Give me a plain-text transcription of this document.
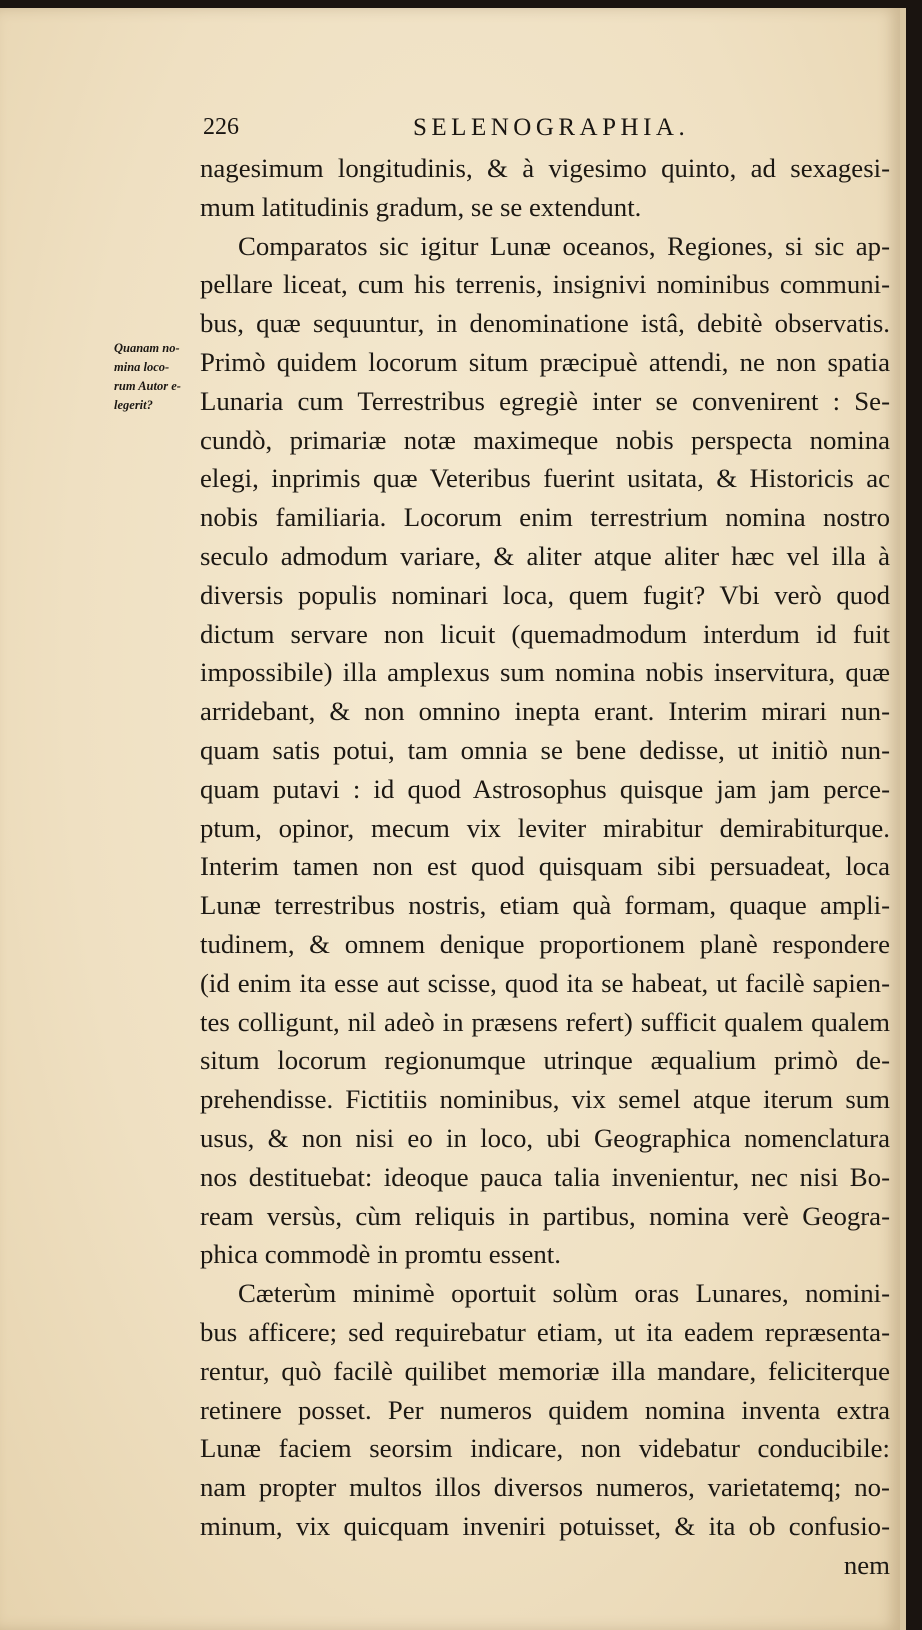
226	SELENOGRAPHIA.
Quanam no-
mina loco-
rum Autor e-
legerit?
nagesimum longitudinis, & à vigesimo quinto, ad sexagesi-
mum latitudinis gradum, se se extendunt.
Comparatos sic igitur Lunæ oceanos, Regiones, si sic ap-
pellare liceat, cum his terrenis, insignivi nominibus communi-
bus, quæ sequuntur, in denominatione istâ, debitè observatis.
Primò quidem locorum situm præcipuè attendi, ne non spatia
Lunaria cum Terrestribus egregiè inter se convenirent : Se-
cundò, primariæ notæ maximeque nobis perspecta nomina
elegi, inprimis quæ Veteribus fuerint usitata, & Historicis ac
nobis familiaria. Locorum enim terrestrium nomina nostro
seculo admodum variare, & aliter atque aliter hæc vel illa à
diversis populis nominari loca, quem fugit? Vbi verò quod
dictum servare non licuit (quemadmodum interdum id fuit
impossibile) illa amplexus sum nomina nobis inservitura, quæ
arridebant, & non omnino inepta erant. Interim mirari nun-
quam satis potui, tam omnia se bene dedisse, ut initiò nun-
quam putavi : id quod Astrosophus quisque jam jam perce-
ptum, opinor, mecum vix leviter mirabitur demirabiturque.
Interim tamen non est quod quisquam sibi persuadeat, loca
Lunæ terrestribus nostris, etiam quà formam, quaque ampli-
tudinem, & omnem denique proportionem planè respondere
(id enim ita esse aut scisse, quod ita se habeat, ut facilè sapien-
tes colligunt, nil adeò in præsens refert) sufficit qualem qualem
situm locorum regionumque utrinque æqualium primò de-
prehendisse. Fictitiis nominibus, vix semel atque iterum sum
usus, & non nisi eo in loco, ubi Geographica nomenclatura
nos destituebat: ideoque pauca talia invenientur, nec nisi Bo-
ream versùs, cùm reliquis in partibus, nomina verè Geogra-
phica commodè in promtu essent.
Cæterùm minimè oportuit solùm oras Lunares, nomini-
bus afficere; sed requirebatur etiam, ut ita eadem repræsenta-
rentur, quò facilè quilibet memoriæ illa mandare, feliciterque
retinere posset. Per numeros quidem nomina inventa extra
Lunæ faciem seorsim indicare, non videbatur conducibile:
nam propter multos illos diversos numeros, varietatemq; no-
minum, vix quicquam inveniri potuisset, & ita ob confusio-
nem
